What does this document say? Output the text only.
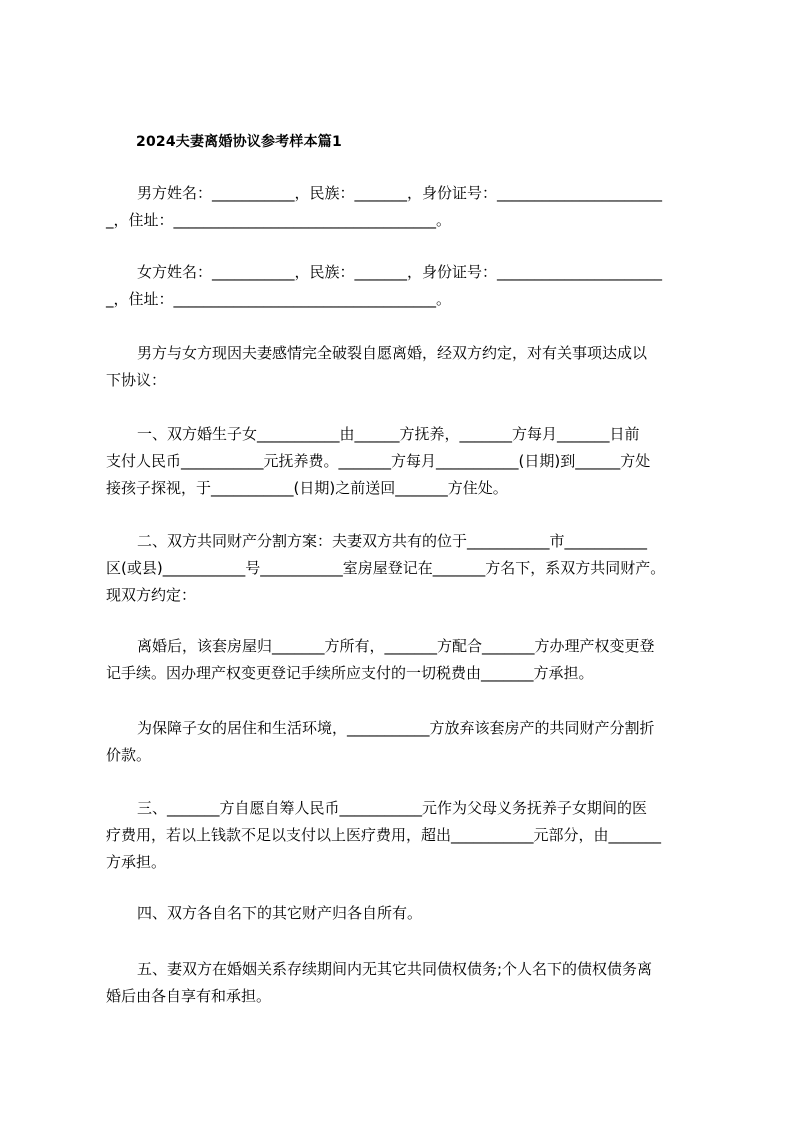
2024夫妻离婚协议参考样本篇1
男方姓名：___________，民族：_______，身份证号：______________________
_，住址：___________________________________。
女方姓名：___________，民族：_______，身份证号：______________________
_，住址：___________________________________。
男方与女方现因夫妻感情完全破裂自愿离婚，经双方约定，对有关事项达成以
下协议：
一、双方婚生子女___________由______方抚养，_______方每月_______日前
支付人民币___________元抚养费。_______方每月___________(日期)到______方处
接孩子探视，于___________(日期)之前送回_______方住处。
二、双方共同财产分割方案：夫妻双方共有的位于___________市___________
区(或县)___________号___________室房屋登记在_______方名下，系双方共同财产。
现双方约定：
离婚后，该套房屋归_______方所有，_______方配合_______方办理产权变更登
记手续。因办理产权变更登记手续所应支付的一切税费由_______方承担。
为保障子女的居住和生活环境，___________方放弃该套房产的共同财产分割折
价款。
三、_______方自愿自筹人民币___________元作为父母义务抚养子女期间的医
疗费用，若以上钱款不足以支付以上医疗费用，超出___________元部分，由_______
方承担。
四、双方各自名下的其它财产归各自所有。
五、妻双方在婚姻关系存续期间内无其它共同债权债务;个人名下的债权债务离
婚后由各自享有和承担。
